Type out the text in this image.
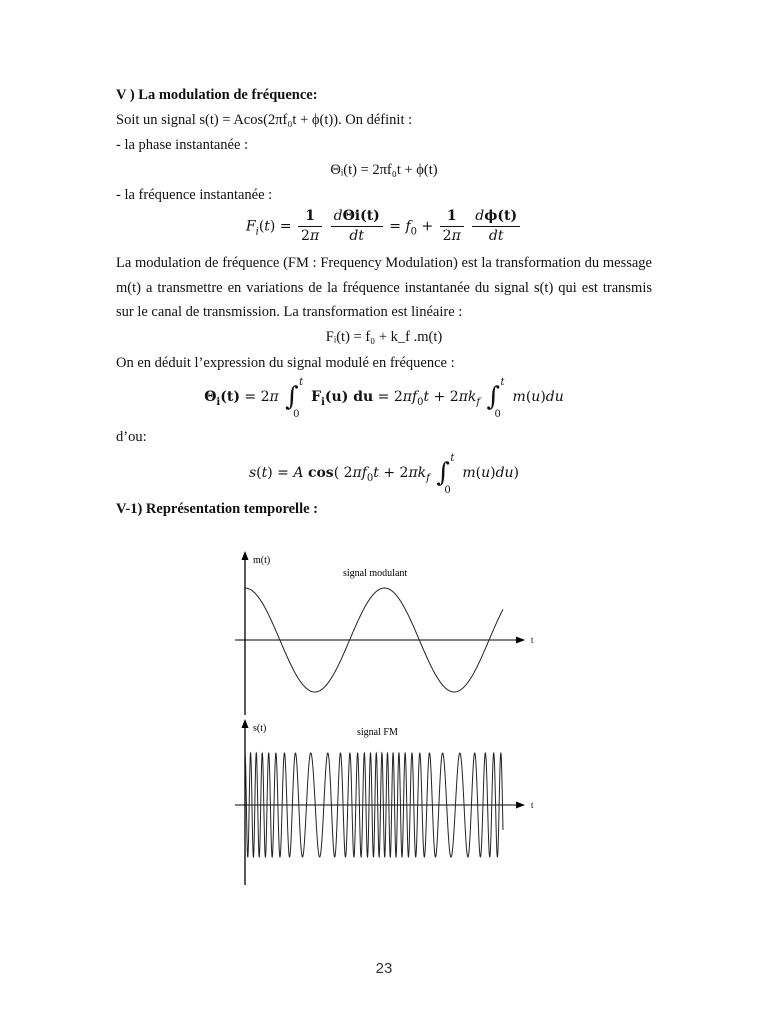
V ) La modulation de fréquence:
Soit un signal s(t) = Acos(2πf₀t + ϕ(t)). On définit :
- la phase instantanée :
Θᵢ(t) = 2πf₀t + ϕ(t)
- la fréquence instantanée :
$F_i(t) = \frac{1}{2\pi}$
$\frac{\text{dΘi(t)}}{dt} = f_0 + \frac{1}{2\pi}$
$\frac{d\phi(t)}{dt}$
La modulation de fréquence (FM : Frequency Modulation) est la transformation du message m(t) a transmettre en variations de la fréquence instantanée du signal s(t) qui est transmis sur le canal de transmission. La transformation est linéaire :
Fᵢ(t) = f₀ + k_f .m(t)
On en déduit l’expression du signal modulé en fréquence :
$\Theta_i(t) = 2\pi$ ∫ t
0
$F_i(u)$ du = $2\pi f_0t + 2\pi k_f$ ∫ t
0
m(u)du
d’ou:
s(t) = A cos( $2\pi f_0t + 2\pi k_f$ ∫ t
0
m(u)du)
V-1) Représentation temporelle :
m(t)
t
signal modulant
s(t)
t
signal FM
23
